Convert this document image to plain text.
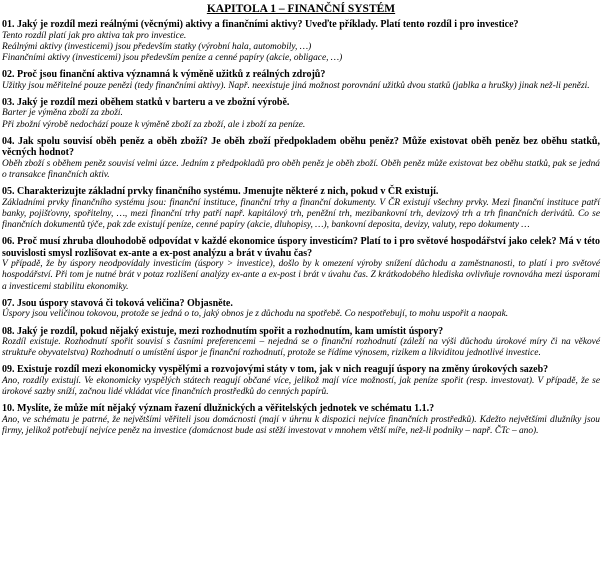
KAPITOLA 1 – FINANČNÍ SYSTÉM
01. Jaký je rozdíl mezi reálnými (věcnými) aktivy a finančními aktivy? Uveďte příklady. Platí tento rozdíl i pro investice?

Tento rozdíl platí jak pro aktiva tak pro investice.

Reálnými aktivy (investicemi) jsou především statky (výrobní hala, automobily, …)

Finančními aktivy (investicemi) jsou především peníze a cenné papíry (akcie, obligace, …)

02. Proč jsou finanční aktiva významná k výměně užitků z reálných zdrojů?

Užitky jsou měřitelné pouze penězi (tedy finančními aktivy). Např. neexistuje jiná možnost porovnání užitků dvou statků (jablka a hrušky) jinak než-li penězi.

03. Jaký je rozdíl mezi oběhem statků v barteru a ve zbožní výrobě.

Barter je výměna zboží za zboží.

Při zbožní výrobě nedochází pouze k výměně zboží za zboží, ale i zboží za peníze.

04. Jak spolu souvisí oběh peněz a oběh zboží? Je oběh zboží předpokladem oběhu peněz? Může existovat oběh peněz bez oběhu statků, věcných hodnot?

Oběh zboží s oběhem peněz souvisí velmi úzce. Jedním z předpokladů pro oběh peněz je oběh zboží. Oběh peněz může existovat bez oběhu statků, pak se jedná o transakce finančních aktiv.

05. Charakterizujte základní prvky finančního systému. Jmenujte některé z nich, pokud v ČR existují.

Základními prvky finančního systému jsou: finanční instituce, finanční trhy a finanční dokumenty. V ČR existují všechny prvky. Mezi finanční instituce patří banky, pojišťovny, spořitelny, …, mezi finanční trhy patří např. kapitálový trh, peněžní trh, mezibankovní trh, devizový trh a trh finančních derivátů. Co se finančních dokumentů týče, pak zde existují peníze, cenné papíry (akcie, dluhopisy, …), bankovní deposita, devizy, valuty, repo dokumenty …

06. Proč musí zhruba dlouhodobě odpovídat v každé ekonomice úspory investicím? Platí to i pro světové hospodářství jako celek? Má v této souvislosti smysl rozlišovat ex-ante a ex-post analýzu a brát v úvahu čas?

V případě, že by úspory neodpovídaly investicím (úspory > investice), došlo by k omezení výroby snížení důchodu a zaměstnanosti, to platí i pro světové hospodářství. Při tom je nutné brát v potaz rozlišení analýzy ex-ante a ex-post i brát v úvahu čas. Z krátkodobého hlediska ovlivňuje rovnováha mezi úsporami a investicemi stabilitu ekonomiky.

07. Jsou úspory stavová či toková veličina? Objasněte.

Úspory jsou veličinou tokovou, protože se jedná o to, jaký obnos je z důchodu na spotřebě. Co nespotřebují, to mohu uspořit a naopak.

08. Jaký je rozdíl, pokud nějaký existuje, mezi rozhodnutím spořit a rozhodnutím, kam umístit úspory?

Rozdíl existuje. Rozhodnutí spořit souvisí s časními preferencemi – nejedná se o finanční rozhodnutí (záleží na výši důchodu úrokové míry či na věkové struktuře obyvatelstva) Rozhodnutí o umístění úspor je finanční rozhodnutí, protože se řídíme výnosem, rizikem a likviditou jednotlivé investice.

09. Existuje rozdíl mezi ekonomicky vyspělými a rozvojovými státy v tom, jak v nich reagují úspory na změny úrokových sazeb?

Ano, rozdíly existují. Ve ekonomicky vyspělých státech reagují občané více, jelikož mají více možností, jak peníze spořit (resp. investovat). V případě, že se úrokové sazby sníží, začnou lidé vkládat více finančních prostředků do cenných papírů.

10. Myslíte, že může mít nějaký význam řazení dlužnických a věřitelských jednotek ve schématu 1.1.?

Ano, ve schématu je patrné, že největšími věřiteli jsou domácnosti (mají v úhrnu k dispozici nejvíce finančních prostředků). Kdežto největšími dlužníky jsou firmy, jelikož potřebují nejvíce peněz na investice (domácnost bude asi stěží investovat v mnohem větší míře, než-li podniky – např. ČTc – ano).
